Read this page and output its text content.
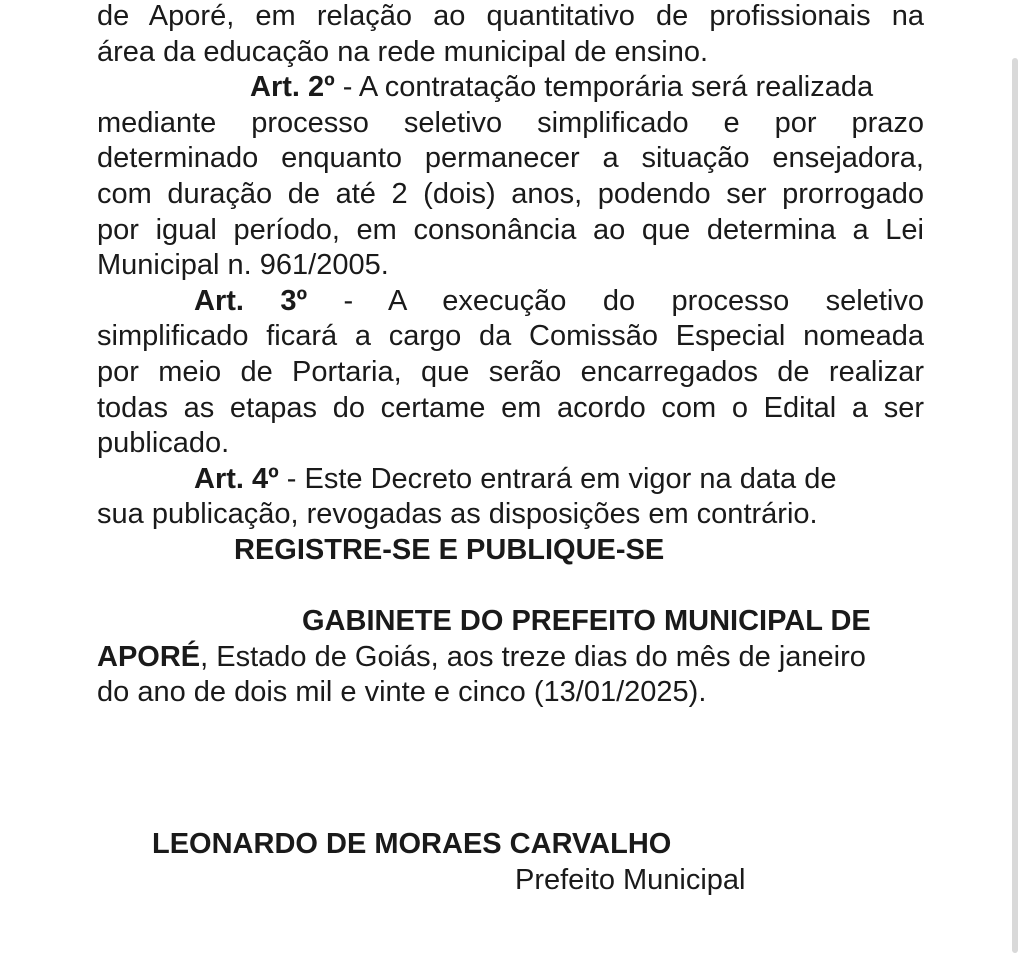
de Aporé, em relação ao quantitativo de profissionais na
área da educação na rede municipal de ensino.
Art. 2º - A contratação temporária será realizada
mediante processo seletivo simplificado e por prazo
determinado enquanto permanecer a situação ensejadora,
com duração de até 2 (dois) anos, podendo ser prorrogado
por igual período, em consonância ao que determina a Lei
Municipal n. 961/2005.
Art. 3º - A execução do processo seletivo
simplificado ficará a cargo da Comissão Especial nomeada
por meio de Portaria, que serão encarregados de realizar
todas as etapas do certame em acordo com o Edital a ser
publicado.
Art. 4º - Este Decreto entrará em vigor na data de
sua publicação, revogadas as disposições em contrário.
REGISTRE-SE E PUBLIQUE-SE
GABINETE DO PREFEITO MUNICIPAL DE
APORÉ, Estado de Goiás, aos treze dias do mês de janeiro
do ano de dois mil e vinte e cinco (13/01/2025).
LEONARDO DE MORAES CARVALHO
Prefeito Municipal
